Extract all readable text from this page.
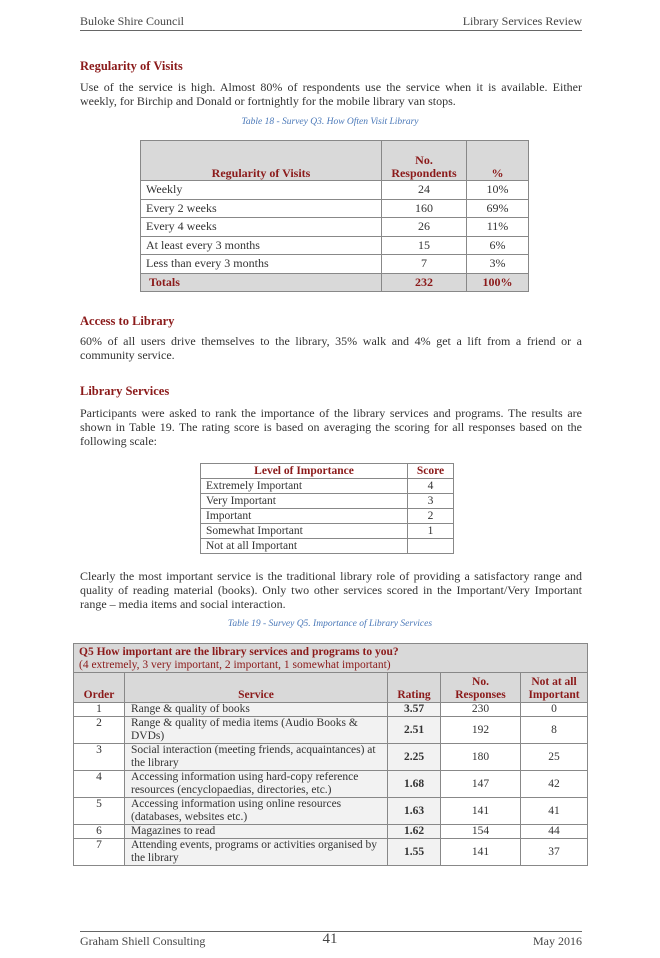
Buloke Shire Council	Library Services Review
Regularity of Visits

Use of the service is high. Almost 80% of respondents use the service when it is available. Either weekly, for Birchip and Donald or fortnightly for the mobile library van stops.

Table 18 - Survey Q3. How Often Visit Library
Regularity of Visits	No. Respondents	%
Weekly	24	10%
Every 2 weeks	160	69%
Every 4 weeks	26	11%
At least every 3 months	15	6%
Less than every 3 months	7	3%
Totals	232	100%
Access to Library

60% of all users drive themselves to the library, 35% walk and 4% get a lift from a friend or a community service.

Library Services

Participants were asked to rank the importance of the library services and programs. The results are shown in Table 19. The rating score is based on averaging the scoring for all responses based on the following scale:

Level of Importance	Score
Extremely Important	4
Very Important	3
Important	2
Somewhat Important	1
Not at all Important	

Clearly the most important service is the traditional library role of providing a satisfactory range and quality of reading material (books). Only two other services scored in the Important/Very Important range – media items and social interaction.

Table 19 - Survey Q5. Importance of Library Services
Q5 How important are the library services and programs to you?
(4 extremely, 3 very important, 2 important, 1 somewhat important)				
Order	Service	Rating	No. Responses	Not at all Important
1	Range & quality of books	3.57	230	0
2	Range & quality of media items (Audio Books & DVDs)	2.51	192	8
3	Social interaction (meeting friends, acquaintances) at the library	2.25	180	25
4	Accessing information using hard-copy reference resources (encyclopaedias, directories, etc.)	1.68	147	42
5	Accessing information using online resources (databases, websites etc.)	1.63	141	41
6	Magazines to read	1.62	154	44
7	Attending events, programs or activities organised by the library	1.55	141	37
Graham Shiell Consulting	41	May 2016
